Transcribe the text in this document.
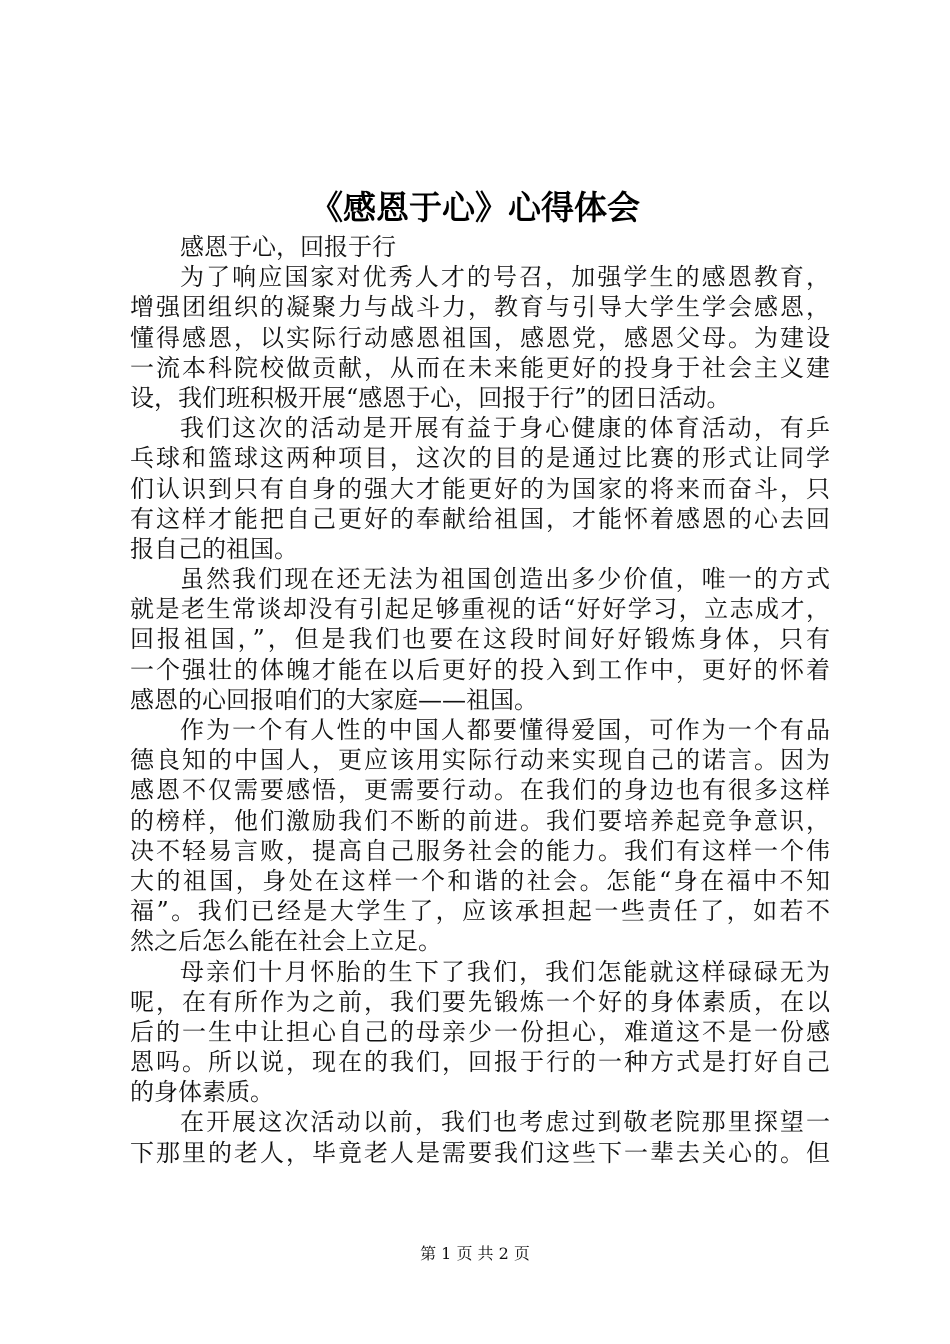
《感恩于心》心得体会
感恩于心，回报于行
为了响应国家对优秀人才的号召，加强学生的感恩教育，
增强团组织的凝聚力与战斗力，教育与引导大学生学会感恩，
懂得感恩，以实际行动感恩祖国，感恩党，感恩父母。为建设
一流本科院校做贡献，从而在未来能更好的投身于社会主义建
设，我们班积极开展“感恩于心，回报于行”的团日活动。
我们这次的活动是开展有益于身心健康的体育活动，有乒
乓球和篮球这两种项目，这次的目的是通过比赛的形式让同学
们认识到只有自身的强大才能更好的为国家的将来而奋斗，只
有这样才能把自己更好的奉献给祖国，才能怀着感恩的心去回
报自己的祖国。
虽然我们现在还无法为祖国创造出多少价值，唯一的方式
就是老生常谈却没有引起足够重视的话“好好学习，立志成才，
回报祖国，”，但是我们也要在这段时间好好锻炼身体，只有
一个强壮的体魄才能在以后更好的投入到工作中，更好的怀着
感恩的心回报咱们的大家庭——祖国。
作为一个有人性的中国人都要懂得爱国，可作为一个有品
德良知的中国人，更应该用实际行动来实现自己的诺言。因为
感恩不仅需要感悟，更需要行动。在我们的身边也有很多这样
的榜样，他们激励我们不断的前进。我们要培养起竞争意识，
决不轻易言败，提高自己服务社会的能力。我们有这样一个伟
大的祖国，身处在这样一个和谐的社会。怎能“身在福中不知
福”。我们已经是大学生了，应该承担起一些责任了，如若不
然之后怎么能在社会上立足。
母亲们十月怀胎的生下了我们，我们怎能就这样碌碌无为
呢，在有所作为之前，我们要先锻炼一个好的身体素质，在以
后的一生中让担心自己的母亲少一份担心，难道这不是一份感
恩吗。所以说，现在的我们，回报于行的一种方式是打好自己
的身体素质。
在开展这次活动以前，我们也考虑过到敬老院那里探望一
下那里的老人，毕竟老人是需要我们这些下一辈去关心的。但
第 1 页 共 2 页
